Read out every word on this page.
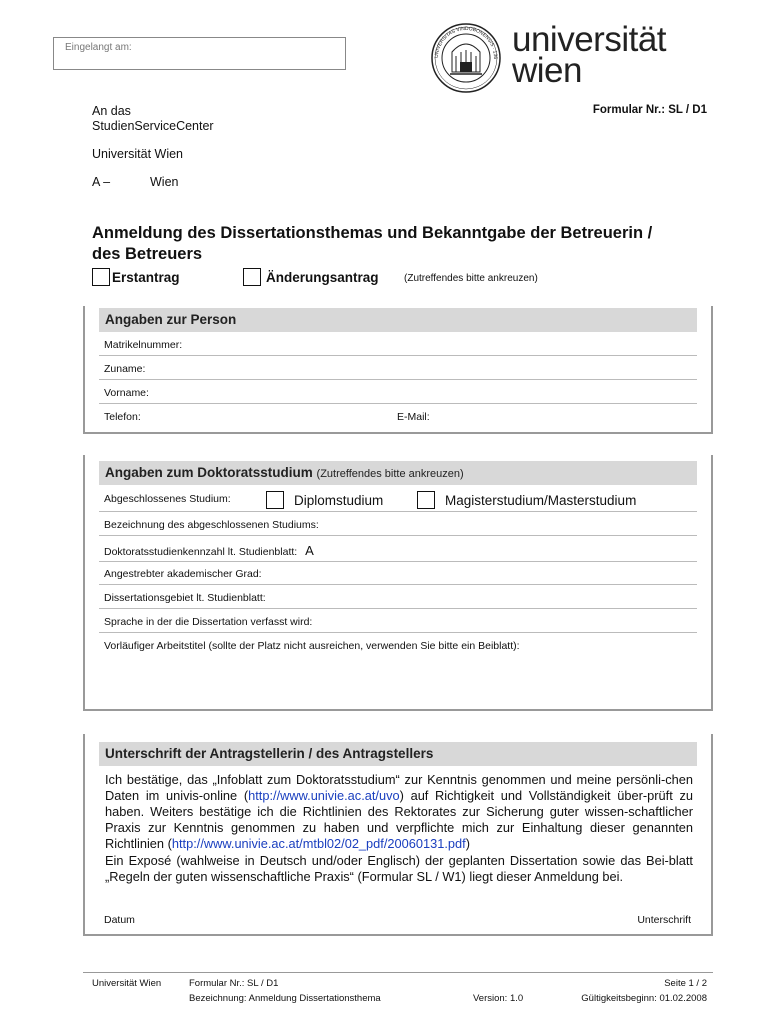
Eingelangt am:
UNIVERSITAS VINDOBONENSIS · 136 universität
wien
An das
StudienServiceCenter
Universität Wien
A –	Wien
Formular Nr.: SL / D1
Anmeldung des Dissertationsthemas und Bekanntgabe der Betreuerin /
des Betreuers
Erstantrag	Änderungsantrag	(Zutreffendes bitte ankreuzen)
Angaben zur Person
Matrikelnummer:
Zuname:
Vorname:
Telefon:	E-Mail:
Angaben zum Doktoratsstudium (Zutreffendes bitte ankreuzen)
Abgeschlossenes Studium:	Diplomstudium	Magisterstudium/Masterstudium
Bezeichnung des abgeschlossenen Studiums:
Doktoratsstudienkennzahl lt. Studienblatt: A
Angestrebter akademischer Grad:
Dissertationsgebiet lt. Studienblatt:
Sprache in der die Dissertation verfasst wird:
Vorläufiger Arbeitstitel (sollte der Platz nicht ausreichen, verwenden Sie bitte ein Beiblatt):
Unterschrift der Antragstellerin / des Antragstellers
Ich bestätige, das „Infoblatt zum Doktoratsstudium“ zur Kenntnis genommen und meine persönli-chen Daten im univis-online (http://www.univie.ac.at/uvo) auf Richtigkeit und Vollständigkeit über-prüft zu haben. Weiters bestätige ich die Richtlinien des Rektorates zur Sicherung guter wissen-schaftlicher Praxis zur Kenntnis genommen zu haben und verpflichte mich zur Einhaltung dieser genannten Richtlinien (http://www.univie.ac.at/mtbl02/02_pdf/20060131.pdf)
Ein Exposé (wahlweise in Deutsch und/oder Englisch) der geplanten Dissertation sowie das Bei-blatt „Regeln der guten wissenschaftliche Praxis“ (Formular SL / W1) liegt dieser Anmeldung bei.
Datum	Unterschrift
Universität Wien	Formular Nr.: SL / D1	Seite 1 / 2
Bezeichnung: Anmeldung Dissertationsthema	Version: 1.0	Gültigkeitsbeginn: 01.02.2008
